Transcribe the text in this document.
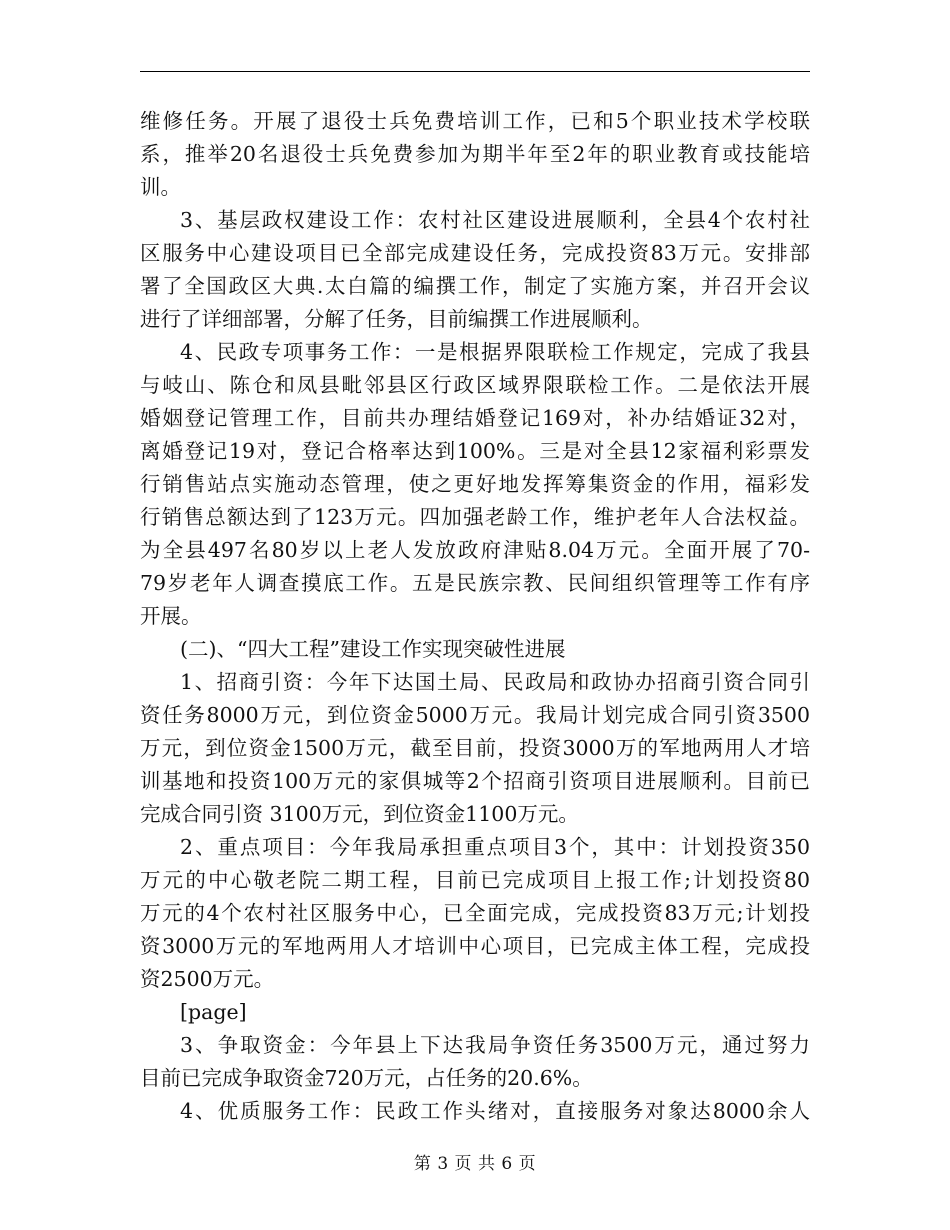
维修任务。开展了退役士兵免费培训工作，已和5个职业技术学校联
系，推举20名退役士兵免费参加为期半年至2年的职业教育或技能培
训。
3、基层政权建设工作：农村社区建设进展顺利，全县4个农村社
区服务中心建设项目已全部完成建设任务，完成投资83万元。安排部
署了全国政区大典.太白篇的编撰工作，制定了实施方案，并召开会议
进行了详细部署，分解了任务，目前编撰工作进展顺利。
4、民政专项事务工作：一是根据界限联检工作规定，完成了我县
与岐山、陈仓和凤县毗邻县区行政区域界限联检工作。二是依法开展
婚姻登记管理工作，目前共办理结婚登记169对，补办结婚证32对，
离婚登记19对，登记合格率达到100%。三是对全县12家福利彩票发
行销售站点实施动态管理，使之更好地发挥筹集资金的作用，福彩发
行销售总额达到了123万元。四加强老龄工作，维护老年人合法权益。
为全县497名80岁以上老人发放政府津贴8.04万元。全面开展了70-
79岁老年人调查摸底工作。五是民族宗教、民间组织管理等工作有序
开展。
(二)、“四大工程”建设工作实现突破性进展
1、招商引资：今年下达国土局、民政局和政协办招商引资合同引
资任务8000万元，到位资金5000万元。我局计划完成合同引资3500
万元，到位资金1500万元，截至目前，投资3000万的军地两用人才培
训基地和投资100万元的家俱城等2个招商引资项目进展顺利。目前已
完成合同引资 3100万元，到位资金1100万元。
2、重点项目：今年我局承担重点项目3个，其中：计划投资350
万元的中心敬老院二期工程，目前已完成项目上报工作;计划投资80
万元的4个农村社区服务中心，已全面完成，完成投资83万元;计划投
资3000万元的军地两用人才培训中心项目，已完成主体工程，完成投
资2500万元。
[page]
3、争取资金：今年县上下达我局争资任务3500万元，通过努力
目前已完成争取资金720万元，占任务的20.6%。
4、优质服务工作：民政工作头绪对，直接服务对象达8000余人
第 3 页 共 6 页
